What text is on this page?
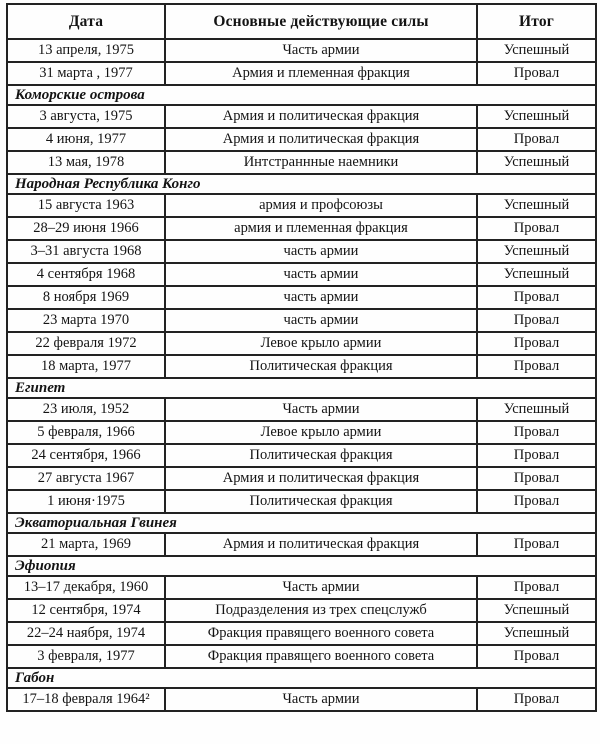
Дата	Основные действующие силы	Итог
13 апреля, 1975	Часть армии	Успешный
31 марта , 1977	Армия и племенная фракция	Провал
Коморские острова		
3 августа, 1975	Армия и политическая фракция	Успешный
4 июня, 1977	Армия и политическая фракция	Провал
13 мая, 1978	Интстраннные наемники	Успешный
Народная Республика Конго		
15 августа 1963	армия и профсоюзы	Успешный
28–29 июня 1966	армия и племенная фракция	Провал
3–31 августа 1968	часть армии	Успешный
4 сентября 1968	часть армии	Успешный
8 ноября 1969	часть армии	Провал
23 марта 1970	часть армии	Провал
22 февраля 1972	Левое крыло армии	Провал
18 марта, 1977	Политическая фракция	Провал
Египет		
23 июля, 1952	Часть армии	Успешный
5 февраля, 1966	Левое крыло армии	Провал
24 сентября, 1966	Политическая фракция	Провал
27 августа 1967	Армия и политическая фракция	Провал
1 июня·1975	Политическая фракция	Провал
Экваториальная Гвинея		
21 марта, 1969	Армия и политическая фракция	Провал
Эфиопия		
13–17 декабря, 1960	Часть армии	Провал
12 сентября, 1974	Подразделения из трех спецслужб	Успешный
22–24 наября, 1974	Фракция правящего военного совета	Успешный
3 февраля, 1977	Фракция правящего военного совета	Провал
Габон		
17–18 февраля 1964²	Часть армии	Провал
